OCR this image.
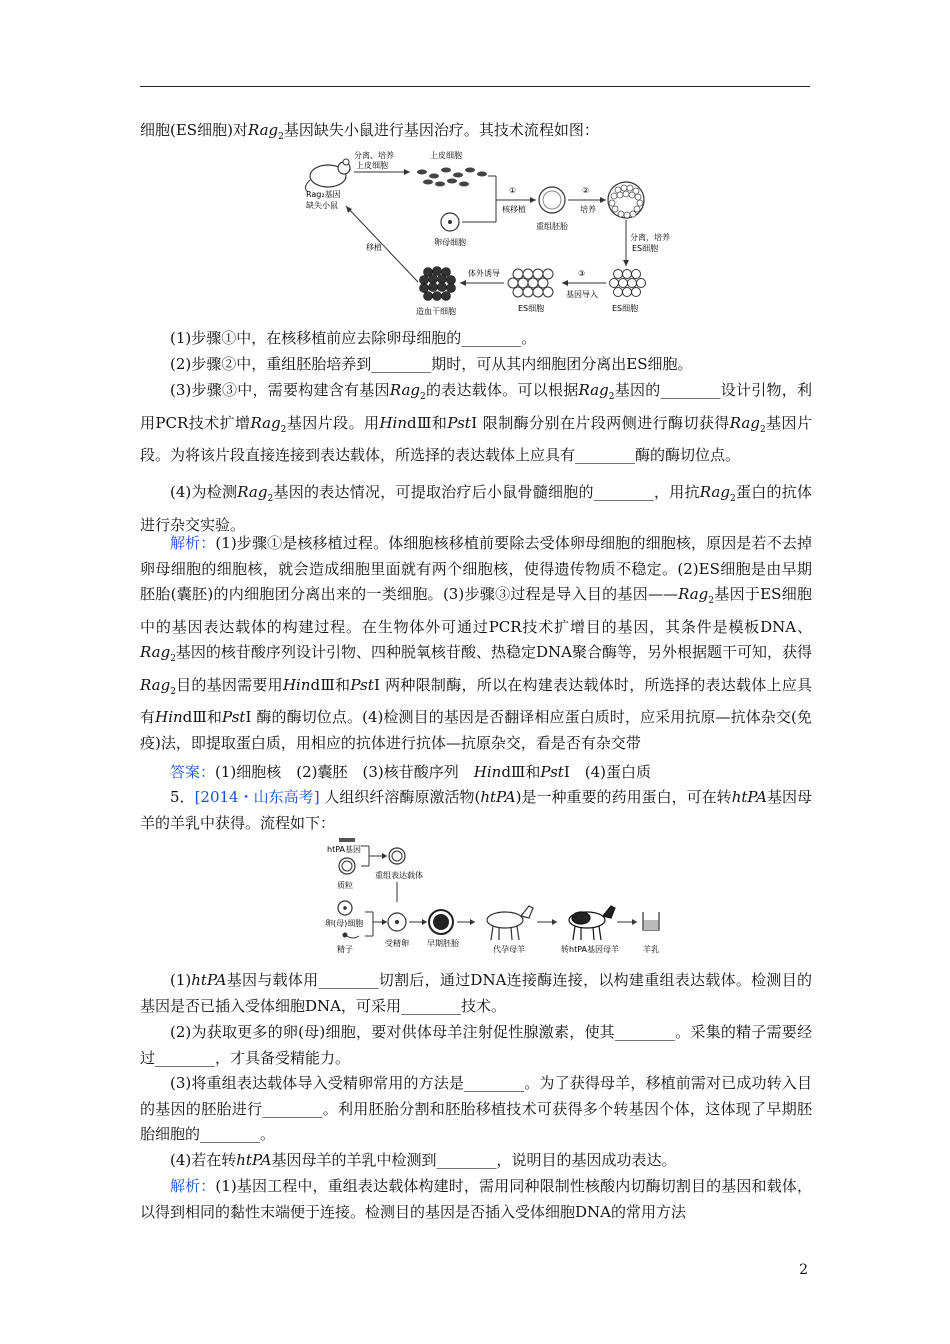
细胞(ES细胞)对Rag$_2$基因缺失小鼠进行基因治疗。其技术流程如图：
Rag₂基因
缺失小鼠
分离、培养
上皮细胞
上皮细胞
卵母细胞
①
核移植
重组胚胎
②
培养
分离，培养
ES细胞
ES细胞
③
基因导入
ES细胞
体外诱导
造血干细胞
移植
(1)步骤①中，在核移植前应去除卵母细胞的________。
(2)步骤②中，重组胚胎培养到________期时，可从其内细胞团分离出ES细胞。
(3)步骤③中，需要构建含有基因Rag$_2$的表达载体。可以根据Rag$_2$基因的________设计引物，利用PCR技术扩增Rag$_2$基因片段。用HindⅢ和PstⅠ 限制酶分别在片段两侧进行酶切获得Rag$_2$基因片段。为将该片段直接连接到表达载体，所选择的表达载体上应具有________酶的酶切位点。
(4)为检测Rag$_2$基因的表达情况，可提取治疗后小鼠骨髓细胞的________，用抗Rag$_2$蛋白的抗体进行杂交实验。
解析：(1)步骤①是核移植过程。体细胞核移植前要除去受体卵母细胞的细胞核，原因是若不去掉卵母细胞的细胞核，就会造成细胞里面就有两个细胞核，使得遗传物质不稳定。(2)ES细胞是由早期胚胎(囊胚)的内细胞团分离出来的一类细胞。(3)步骤③过程是导入目的基因——Rag$_2$基因于ES细胞中的基因表达载体的构建过程。在生物体外可通过PCR技术扩增目的基因，其条件是模板DNA、Rag$_2$基因的核苷酸序列设计引物、四种脱氧核苷酸、热稳定DNA聚合酶等，另外根据题干可知，获得Rag$_2$目的基因需要用HindⅢ和PstⅠ 两种限制酶，所以在构建表达载体时，所选择的表达载体上应具有HindⅢ和PstⅠ 酶的酶切位点。(4)检测目的基因是否翻译相应蛋白质时，应采用抗原—抗体杂交(免疫)法，即提取蛋白质，用相应的抗体进行抗体—抗原杂交，看是否有杂交带
答案：(1)细胞核　(2)囊胚　(3)核苷酸序列　HindⅢ和PstⅠ　(4)蛋白质
5．[2014・山东高考] 人组织纤溶酶原激活物(htPA)是一种重要的药用蛋白，可在转htPA基因母羊的羊乳中获得。流程如下：
htPA基因
质粒
重组表达载体
卵(母)细胞
精子
受精卵 早期胚胎
代孕母羊	转htPA基因母羊	羊乳
(1)htPA基因与载体用________切割后，通过DNA连接酶连接，以构建重组表达载体。检测目的基因是否已插入受体细胞DNA，可采用________技术。
(2)为获取更多的卵(母)细胞，要对供体母羊注射促性腺激素，使其________。采集的精子需要经过________，才具备受精能力。
(3)将重组表达载体导入受精卵常用的方法是________。为了获得母羊，移植前需对已成功转入目的基因的胚胎进行________。利用胚胎分割和胚胎移植技术可获得多个转基因个体，这体现了早期胚胎细胞的________。
(4)若在转htPA基因母羊的羊乳中检测到________，说明目的基因成功表达。
解析：(1)基因工程中，重组表达载体构建时，需用同种限制性核酸内切酶切割目的基因和载体，以得到相同的黏性末端便于连接。检测目的基因是否插入受体细胞DNA的常用方法
2
